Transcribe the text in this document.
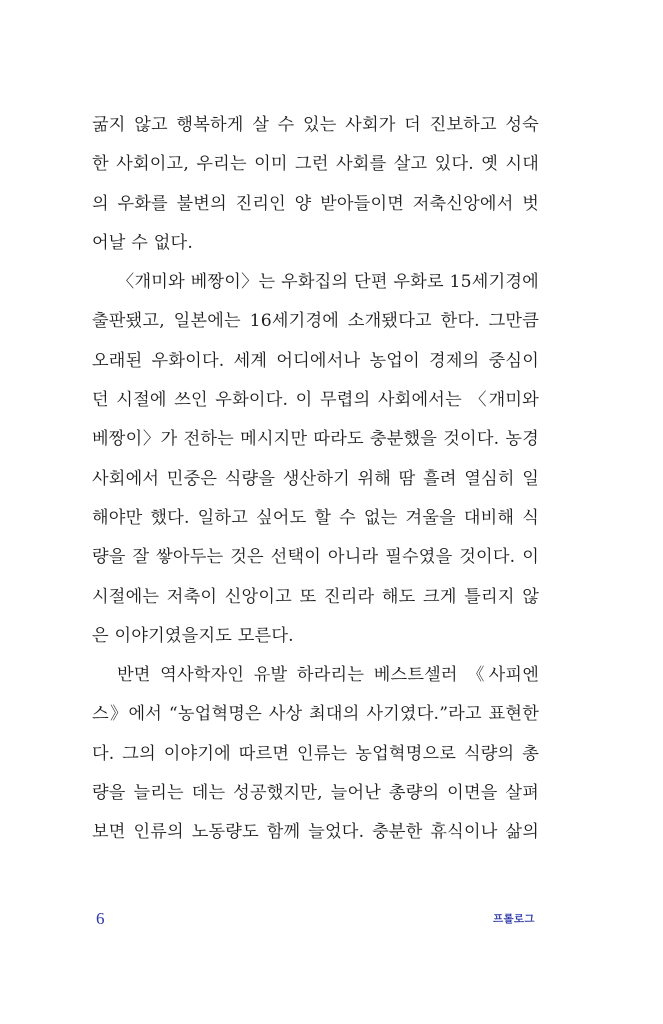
굶지 않고 행복하게 살 수 있는 사회가 더 진보하고 성숙
한 사회이고, 우리는 이미 그런 사회를 살고 있다. 옛 시대
의 우화를 불변의 진리인 양 받아들이면 저축신앙에서 벗
어날 수 없다.
〈개미와 베짱이〉는 우화집의 단편 우화로 15세기경에
출판됐고, 일본에는 16세기경에 소개됐다고 한다. 그만큼
오래된 우화이다. 세계 어디에서나 농업이 경제의 중심이
던 시절에 쓰인 우화이다. 이 무렵의 사회에서는 〈개미와
베짱이〉가 전하는 메시지만 따라도 충분했을 것이다. 농경
사회에서 민중은 식량을 생산하기 위해 땀 흘려 열심히 일
해야만 했다. 일하고 싶어도 할 수 없는 겨울을 대비해 식
량을 잘 쌓아두는 것은 선택이 아니라 필수였을 것이다. 이
시절에는 저축이 신앙이고 또 진리라 해도 크게 틀리지 않
은 이야기였을지도 모른다.
반면 역사학자인 유발 하라리는 베스트셀러 《사피엔
스》에서 “농업혁명은 사상 최대의 사기였다.”라고 표현한
다. 그의 이야기에 따르면 인류는 농업혁명으로 식량의 총
량을 늘리는 데는 성공했지만, 늘어난 총량의 이면을 살펴
보면 인류의 노동량도 함께 늘었다. 충분한 휴식이나 삶의
6	프롤로그
